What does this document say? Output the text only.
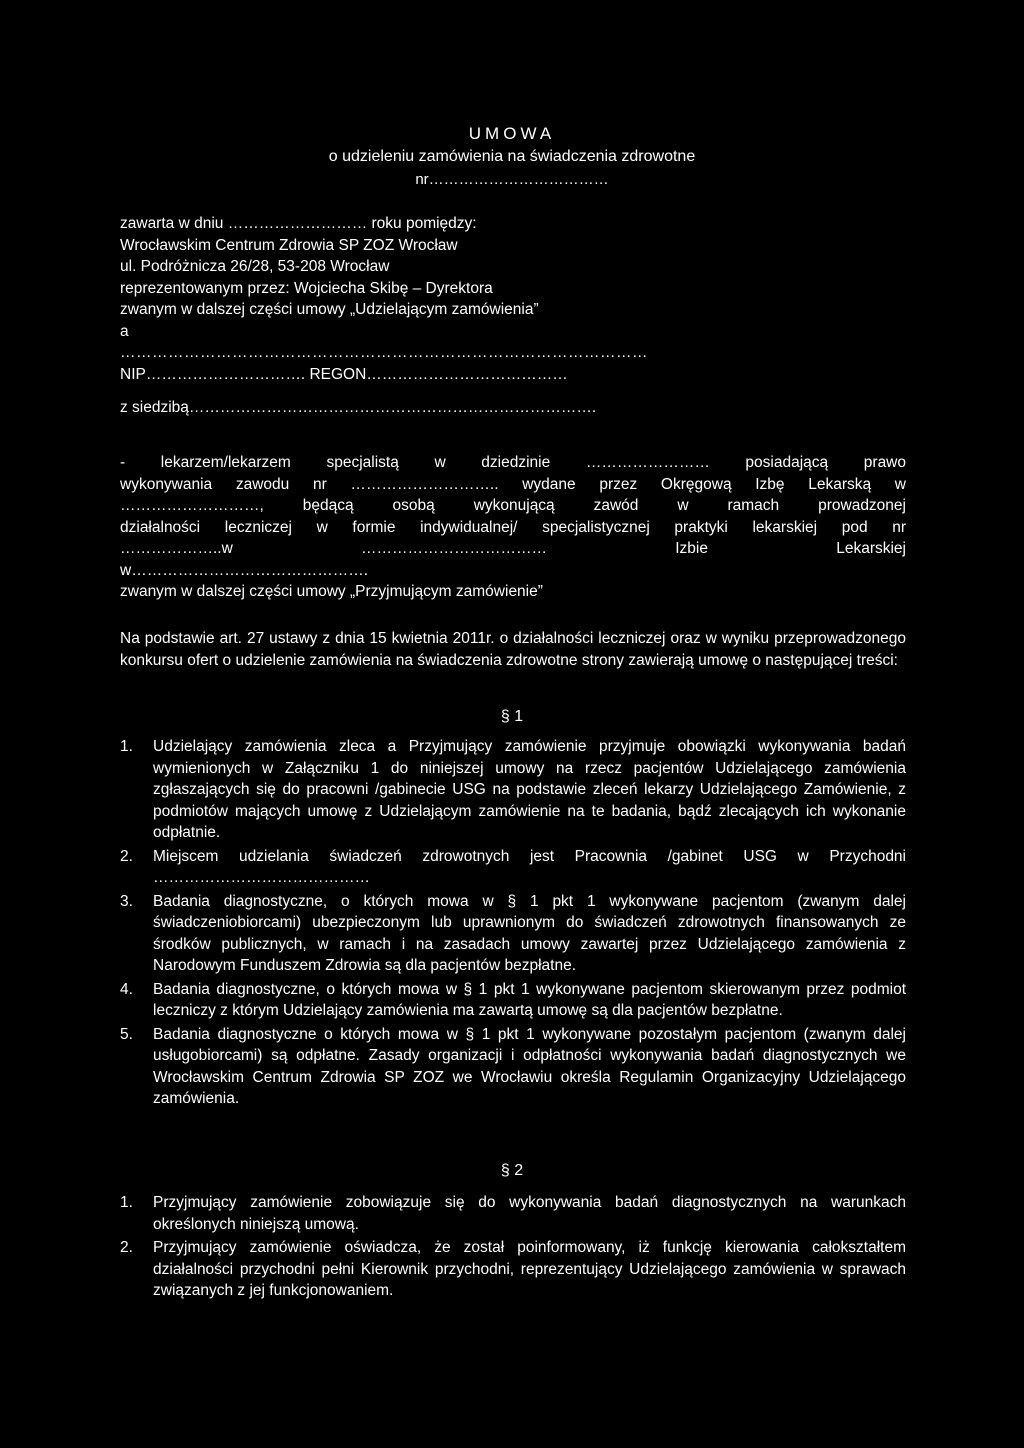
UMOWA
o udzieleniu zamówienia na świadczenia zdrowotne
nr………………………………
zawarta w dniu ……………………… roku pomiędzy:
Wrocławskim Centrum Zdrowia SP ZOZ Wrocław
ul. Podróżnicza 26/28, 53-208 Wrocław
reprezentowanym przez: Wojciecha Skibę – Dyrektora
zwanym w dalszej części umowy „Udzielającym zamówienia”
a
………………………………………………………………………………………
NIP…………………………. REGON…………………………………
z siedzibą…………………………………………………………………….
- lekarzem/lekarzem specjalistą w dziedzinie …………………… posiadającą prawo
wykonywania zawodu nr ……………………….. wydane przez Okręgową Izbę Lekarską w
………………………, będącą osobą wykonującą zawód w ramach prowadzonej
działalności leczniczej w formie indywidualnej/ specjalistycznej praktyki lekarskiej pod nr
………………..w ……………………………… Izbie Lekarskiej
w……………………………………….
zwanym w dalszej części umowy „Przyjmującym zamówienie”
Na podstawie art. 27 ustawy z dnia 15 kwietnia 2011r. o działalności leczniczej oraz w wyniku przeprowadzonego konkursu ofert o udzielenie zamówienia na świadczenia zdrowotne strony zawierają umowę o następującej treści:
§ 1
1.	Udzielający zamówienia zleca a Przyjmujący zamówienie przyjmuje obowiązki wykonywania badań wymienionych w Załączniku 1 do niniejszej umowy na rzecz pacjentów Udzielającego zamówienia zgłaszających się do pracowni /gabinecie USG na podstawie zleceń lekarzy Udzielającego Zamówienie, z podmiotów mających umowę z Udzielającym zamówienie na te badania, bądź zlecających ich wykonanie odpłatnie.
2.	Miejscem udzielania świadczeń zdrowotnych jest Pracownia /gabinet USG w Przychodni ……………………………………
3.	Badania diagnostyczne, o których mowa w § 1 pkt 1 wykonywane pacjentom (zwanym dalej świadczeniobiorcami) ubezpieczonym lub uprawnionym do świadczeń zdrowotnych finansowanych ze środków publicznych, w ramach i na zasadach umowy zawartej przez Udzielającego zamówienia z Narodowym Funduszem Zdrowia są dla pacjentów bezpłatne.
4.	Badania diagnostyczne, o których mowa w § 1 pkt 1 wykonywane pacjentom skierowanym przez podmiot leczniczy z którym Udzielający zamówienia ma zawartą umowę są dla pacjentów bezpłatne.
5.	Badania diagnostyczne o których mowa w § 1 pkt 1 wykonywane pozostałym pacjentom (zwanym dalej usługobiorcami) są odpłatne. Zasady organizacji i odpłatności wykonywania badań diagnostycznych we Wrocławskim Centrum Zdrowia SP ZOZ we Wrocławiu określa Regulamin Organizacyjny Udzielającego zamówienia.
§ 2
1.	Przyjmujący zamówienie zobowiązuje się do wykonywania badań diagnostycznych na warunkach określonych niniejszą umową.
2.	Przyjmujący zamówienie oświadcza, że został poinformowany, iż funkcję kierowania całokształtem działalności przychodni pełni Kierownik przychodni, reprezentujący Udzielającego zamówienia w sprawach związanych z jej funkcjonowaniem.
